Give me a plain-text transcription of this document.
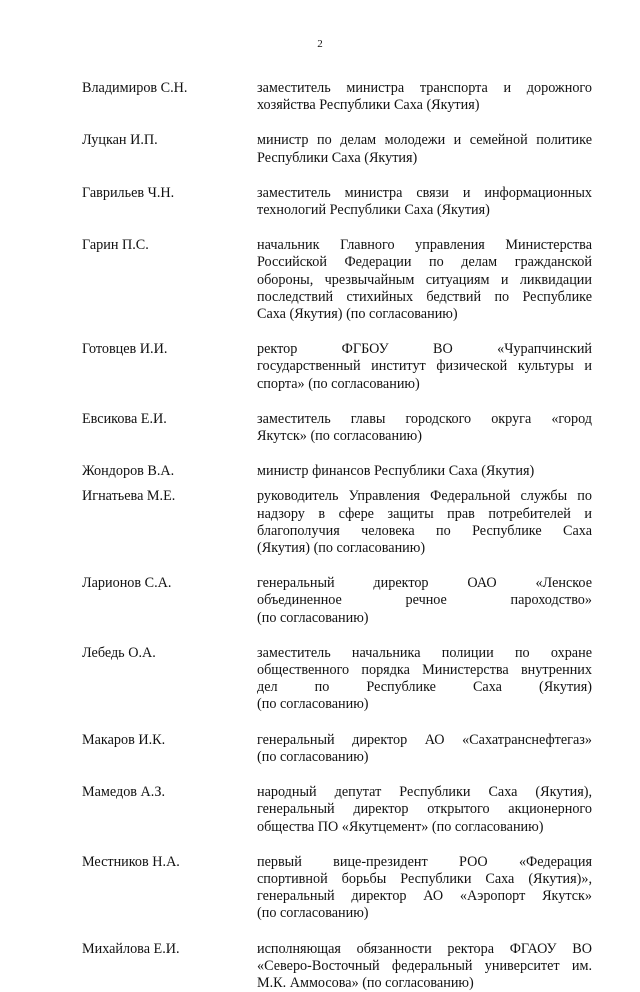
2
Владимиров С.Н.	заместитель министра транспорта и дорожного
хозяйства Республики Саха (Якутия)
Луцкан И.П.	министр по делам молодежи и семейной политике
Республики Саха (Якутия)
Гаврильев Ч.Н.	заместитель министра связи и информационных
технологий Республики Саха (Якутия)
Гарин П.С.	начальник Главного управления Министерства
Российской Федерации по делам гражданской
обороны, чрезвычайным ситуациям и ликвидации
последствий стихийных бедствий по Республике
Саха (Якутия) (по согласованию)
Готовцев И.И.	ректор ФГБОУ ВО «Чурапчинский
государственный институт физической культуры и
спорта» (по согласованию)
Евсикова Е.И.	заместитель главы городского округа «город
Якутск» (по согласованию)
Жондоров В.А.	министр финансов Республики Саха (Якутия)
Игнатьева М.Е.	руководитель Управления Федеральной службы по
надзору в сфере защиты прав потребителей и
благополучия человека по Республике Саха
(Якутия) (по согласованию)
Ларионов С.А.	генеральный директор ОАО «Ленское
объединенное речное пароходство»
(по согласованию)
Лебедь О.А.	заместитель начальника полиции по охране
общественного порядка Министерства внутренних
дел по Республике Саха (Якутия)
(по согласованию)
Макаров И.К.	генеральный директор АО «Сахатранснефтегаз»
(по согласованию)
Мамедов А.З.	народный депутат Республики Саха (Якутия),
генеральный директор открытого акционерного
общества ПО «Якутцемент» (по согласованию)
Местников Н.А.	первый вице-президент РОО «Федерация
спортивной борьбы Республики Саха (Якутия)»,
генеральный директор АО «Аэропорт Якутск»
(по согласованию)
Михайлова Е.И.	исполняющая обязанности ректора ФГАОУ ВО
«Северо-Восточный федеральный университет им.
М.К. Аммосова» (по согласованию)
